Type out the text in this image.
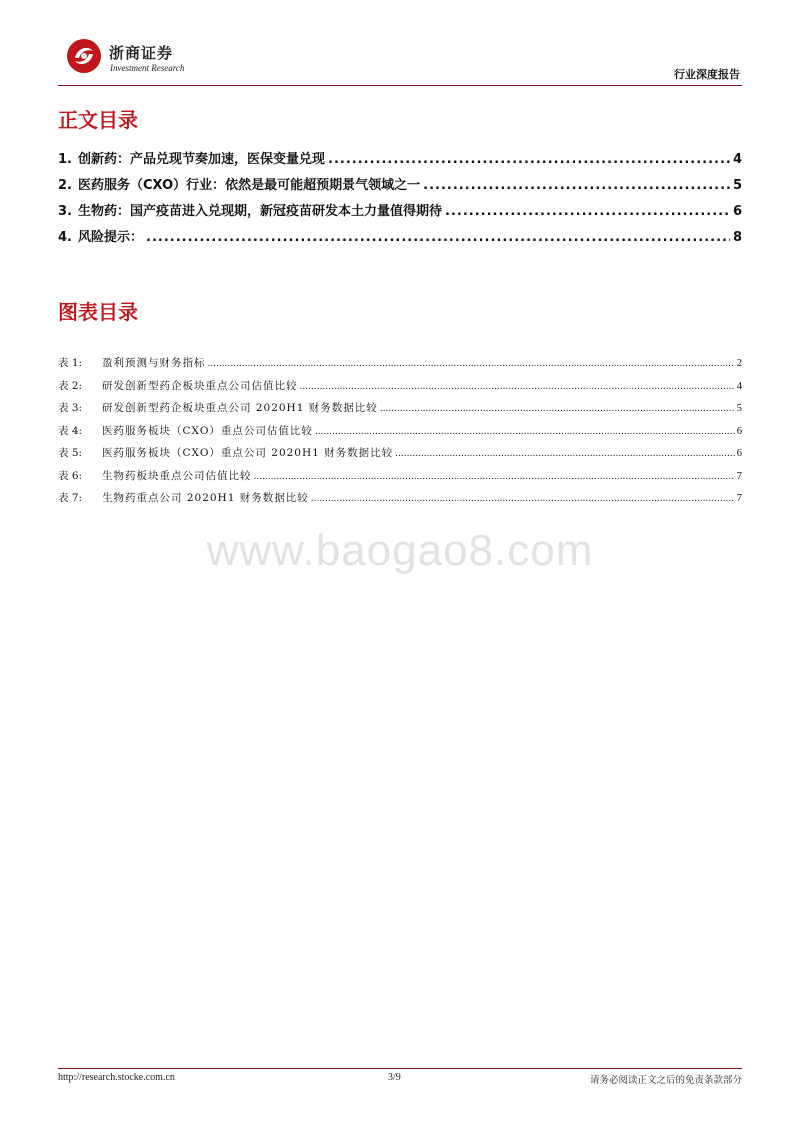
浙商证券
Investment Research	行业深度报告
正文目录
1. 创新药：产品兑现节奏加速，医保变量兑现 .....	4
2. 医药服务（CXO）行业：依然是最可能超预期景气领域之一 .....	5
3. 生物药：国产疫苗进入兑现期，新冠疫苗研发本土力量值得期待 .....	6
4. 风险提示： .....	8
图表目录
表 1:	盈利预测与财务指标 .....	2
表 2:	研发创新型药企板块重点公司估值比较 .....	4
表 3:	研发创新型药企板块重点公司 2020H1 财务数据比较 .....	5
表 4:	医药服务板块（CXO）重点公司估值比较 .....	6
表 5:	医药服务板块（CXO）重点公司 2020H1 财务数据比较 .....	6
表 6:	生物药板块重点公司估值比较 .....	7
表 7:	生物药重点公司 2020H1 财务数据比较 .....	7
www.baogao8.com
http://research.stocke.com.cn	3/9	请务必阅读正文之后的免责条款部分
